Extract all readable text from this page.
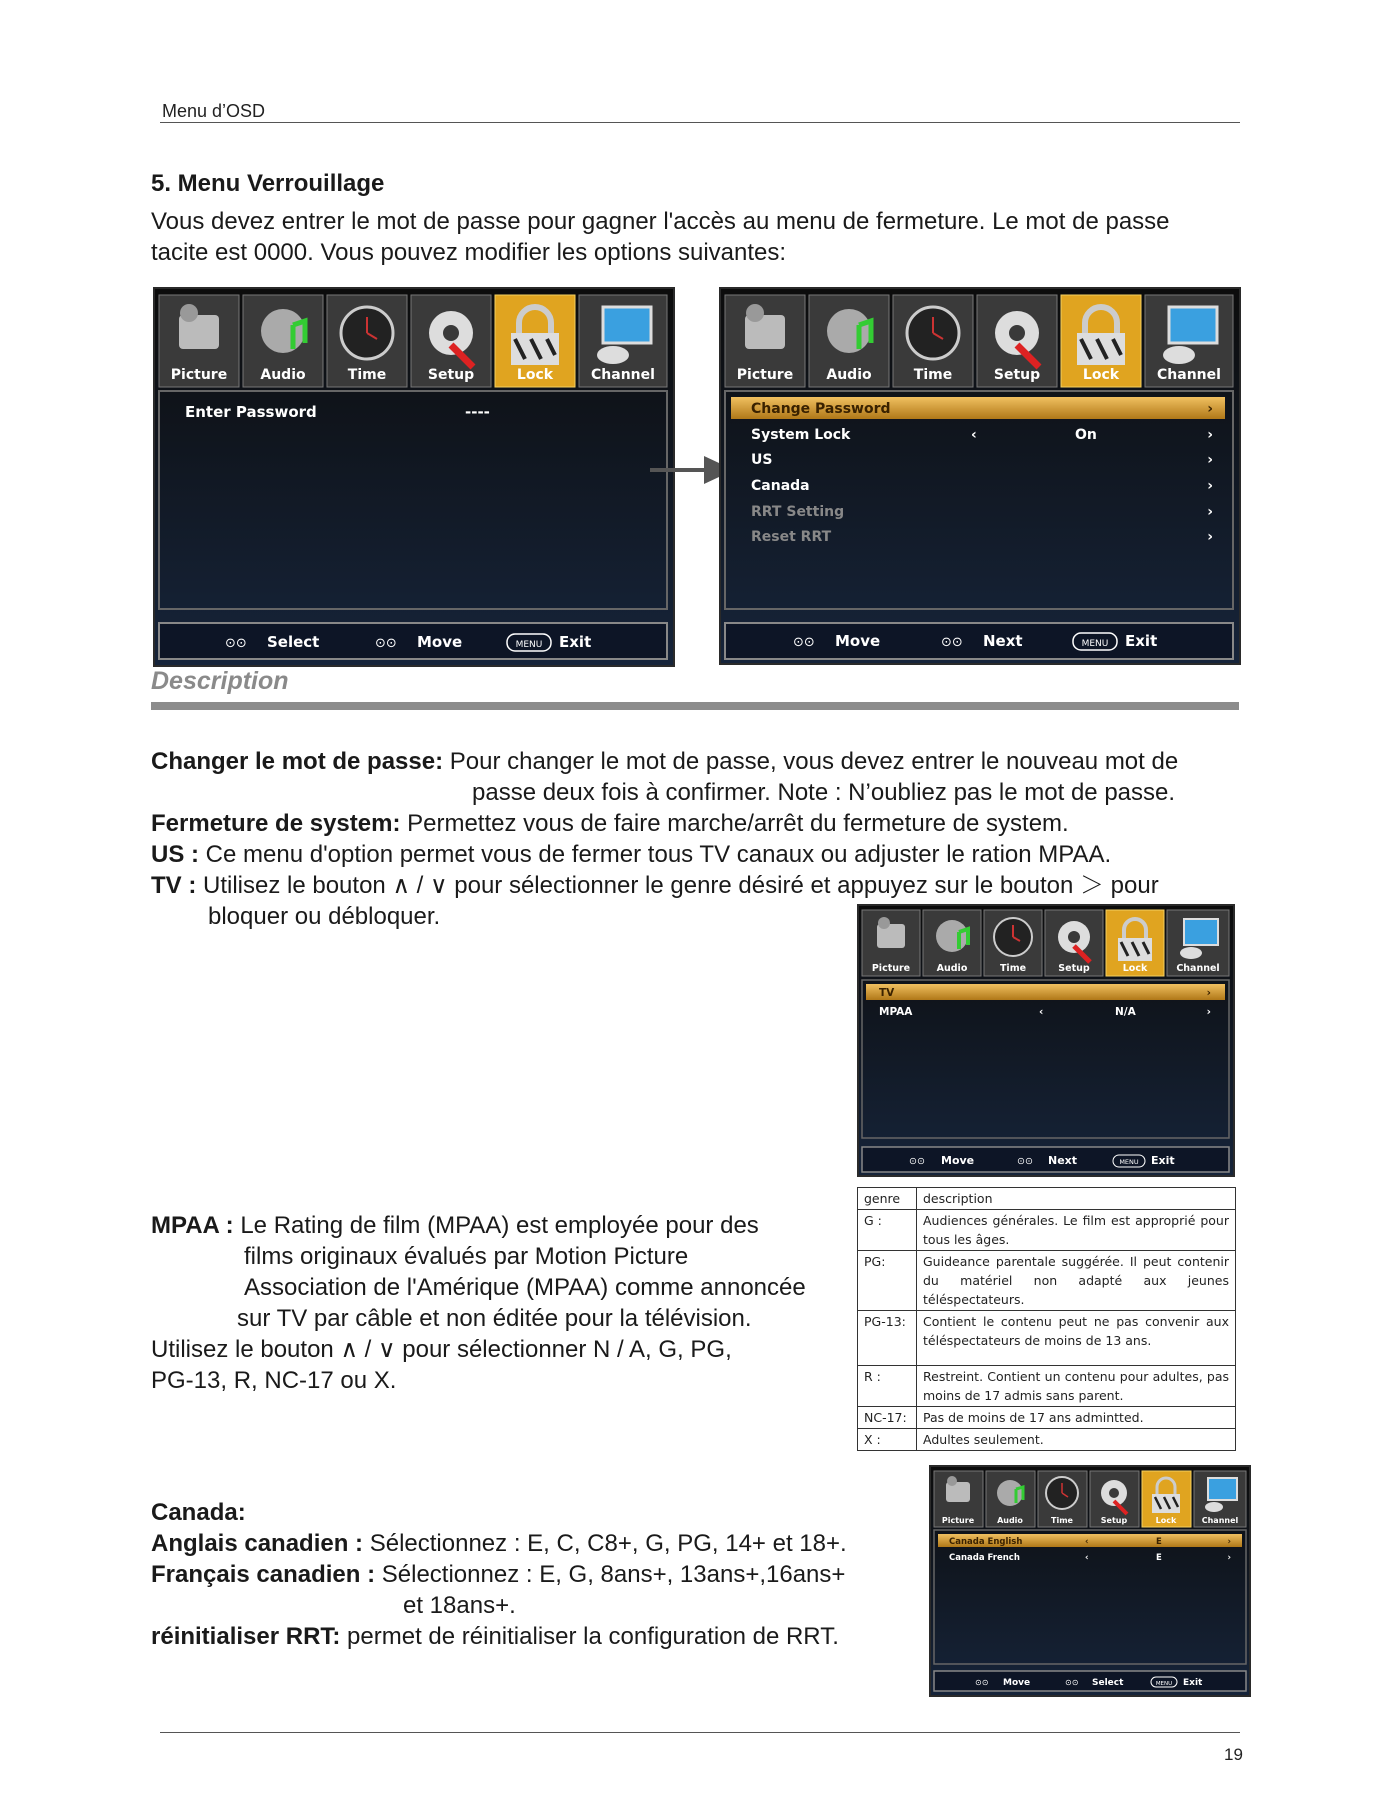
Menu d’OSD
5. Menu Verrouillage
Vous devez entrer le mot de passe pour gagner l'accès au menu de fermeture. Le mot de passe
tacite est 0000. Vous pouvez modifier les options suivantes:
Picture Audio	Time	Setup	Lock	Channel
Enter Password	----
⊙⊙ Select	⊙⊙ Move	MENU Exit
Picture Audio	Time	Setup	Lock	Channel
Change Password	›
System Lock	‹	On	›
US	›
Canada	›
RRT Setting	›
Reset RRT	›
⊙⊙ Move	⊙⊙ Next	MENU Exit
Description
Changer le mot de passe: Pour changer le mot de passe, vous devez entrer le nouveau mot de
passe deux fois à confirmer. Note : N’oubliez pas le mot de passe.
Fermeture de system: Permettez vous de faire marche/arrêt du fermeture de system.
US : Ce menu d'option permet vous de fermer tous TV canaux ou adjuster le ration MPAA.
TV : Utilisez le bouton ∧ / ∨ pour sélectionner le genre désiré et appuyez sur le bouton ＞ pour
bloquer ou débloquer.
Picture	Audio	Time	Setup	Lock	Channel
TV	›
MPAA	‹	N/A	›
⊙⊙ Move	⊙⊙ Next	MENU Exit
MPAA : Le Rating de film (MPAA) est employée pour des
films originaux évalués par Motion Picture
Association de l'Amérique (MPAA) comme annoncée
sur TV par câble et non éditée pour la télévision.
Utilisez le bouton ∧ / ∨ pour sélectionner N / A, G, PG,
PG-13, R, NC-17 ou X.
genre	description
G :	Audiences générales. Le film est approprié pour tous les âges.
PG:	Guideance parentale suggérée. Il peut contenir du matériel non adapté aux jeunes téléspectateurs.
PG-13:	Contient le contenu peut ne pas convenir aux téléspectateurs de moins de 13 ans.
R :	Restreint. Contient un contenu pour adultes, pas moins de 17 admis sans parent.
NC-17:	Pas de moins de 17 ans admintted.
X :	Adultes seulement.
Canada:
Anglais canadien : Sélectionnez : E, C, C8+, G, PG, 14+ et 18+.
Français canadien : Sélectionnez : E, G, 8ans+, 13ans+,16ans+
et 18ans+.
réinitialiser RRT: permet de réinitialiser la configuration de RRT.
Picture	Audio	Time	Setup	Lock	Channel
Canada English	‹	E	›
Canada French	‹	E	›
⊙⊙ Move	⊙⊙ Select	MENU Exit
19
